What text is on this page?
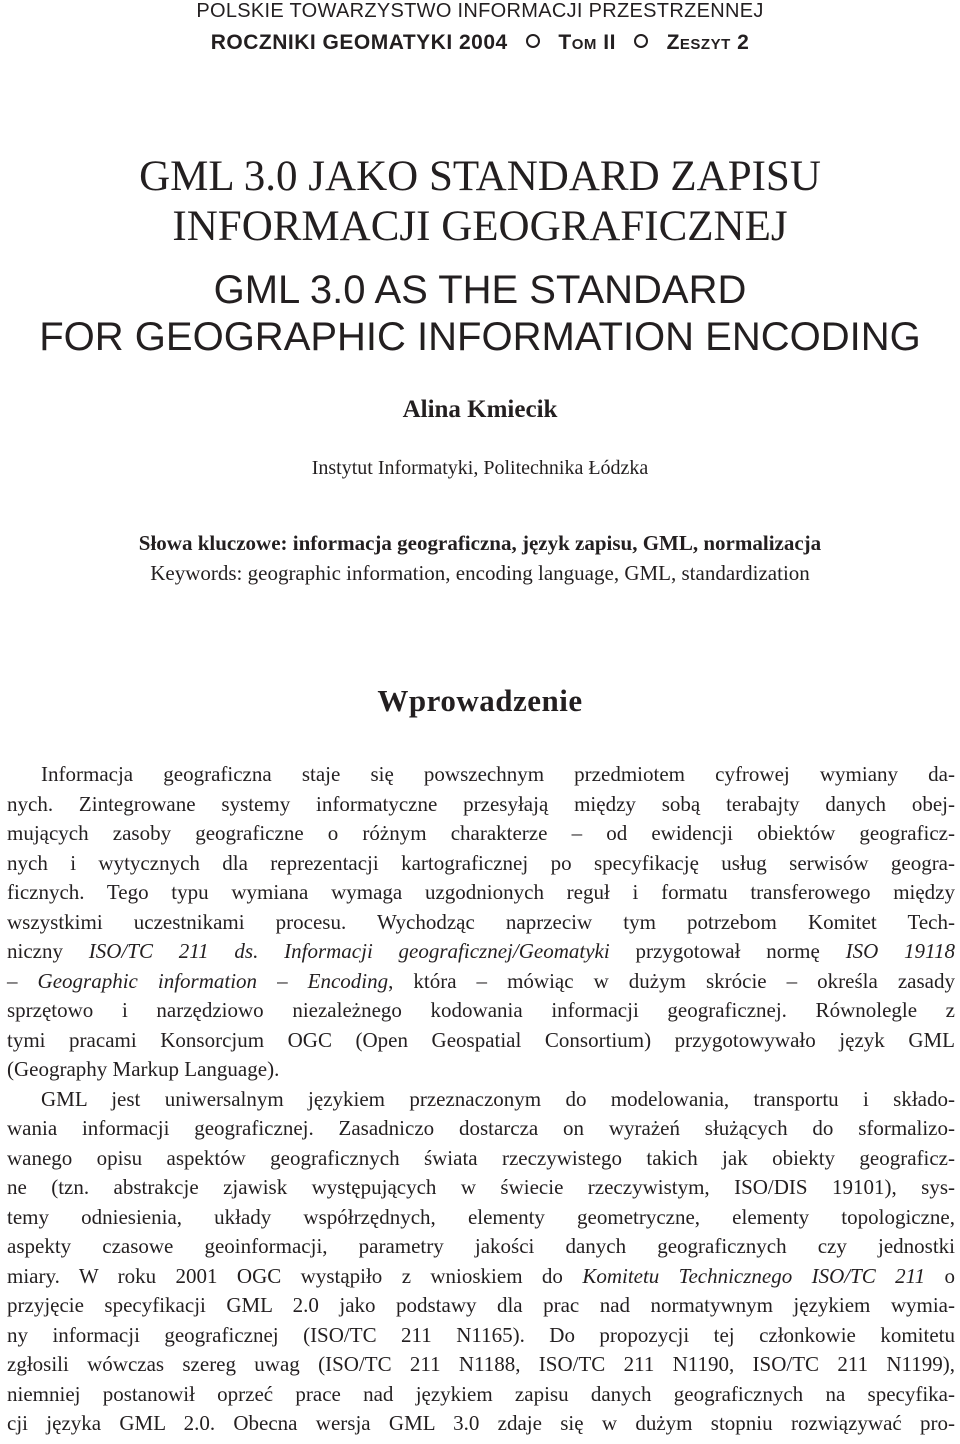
POLSKIE TOWARZYSTWO INFORMACJI PRZESTRZENNEJ
ROCZNIKI GEOMATYKI 2004 Tom II Zeszyt 2
GML 3.0 JAKO STANDARD ZAPISU
INFORMACJI GEOGRAFICZNEJ
GML 3.0 AS THE STANDARD
FOR GEOGRAPHIC INFORMATION ENCODING
Alina Kmiecik
Instytut Informatyki, Politechnika Łódzka
Słowa kluczowe: informacja geograficzna, język zapisu, GML, normalizacja
Keywords: geographic information, encoding language, GML, standardization
Wprowadzenie
Informacja geograficzna staje się powszechnym przedmiotem cyfrowej wymiany da-
nych. Zintegrowane systemy informatyczne przesyłają między sobą terabajty danych obej-
mujących zasoby geograficzne o różnym charakterze – od ewidencji obiektów geograficz-
nych i wytycznych dla reprezentacji kartograficznej po specyfikację usług serwisów geogra-
ficznych. Tego typu wymiana wymaga uzgodnionych reguł i formatu transferowego między
wszystkimi uczestnikami procesu. Wychodząc naprzeciw tym potrzebom Komitet Tech-
niczny ISO/TC 211 ds. Informacji geograficznej/Geomatyki przygotował normę ISO 19118
– Geographic information – Encoding, która – mówiąc w dużym skrócie – określa zasady
sprzętowo i narzędziowo niezależnego kodowania informacji geograficznej. Równolegle z
tymi pracami Konsorcjum OGC (Open Geospatial Consortium) przygotowywało język GML
(Geography Markup Language).
GML jest uniwersalnym językiem przeznaczonym do modelowania, transportu i składo-
wania informacji geograficznej. Zasadniczo dostarcza on wyrażeń służących do sformalizo-
wanego opisu aspektów geograficznych świata rzeczywistego takich jak obiekty geograficz-
ne (tzn. abstrakcje zjawisk występujących w świecie rzeczywistym, ISO/DIS 19101), sys-
temy odniesienia, układy współrzędnych, elementy geometryczne, elementy topologiczne,
aspekty czasowe geoinformacji, parametry jakości danych geograficznych czy jednostki
miary. W roku 2001 OGC wystąpiło z wnioskiem do Komitetu Technicznego ISO/TC 211 o
przyjęcie specyfikacji GML 2.0 jako podstawy dla prac nad normatywnym językiem wymia-
ny informacji geograficznej (ISO/TC 211 N1165). Do propozycji tej członkowie komitetu
zgłosili wówczas szereg uwag (ISO/TC 211 N1188, ISO/TC 211 N1190, ISO/TC 211 N1199),
niemniej postanowił oprzeć prace nad językiem zapisu danych geograficznych na specyfika-
cji języka GML 2.0. Obecna wersja GML 3.0 zdaje się w dużym stopniu rozwiązywać pro-
